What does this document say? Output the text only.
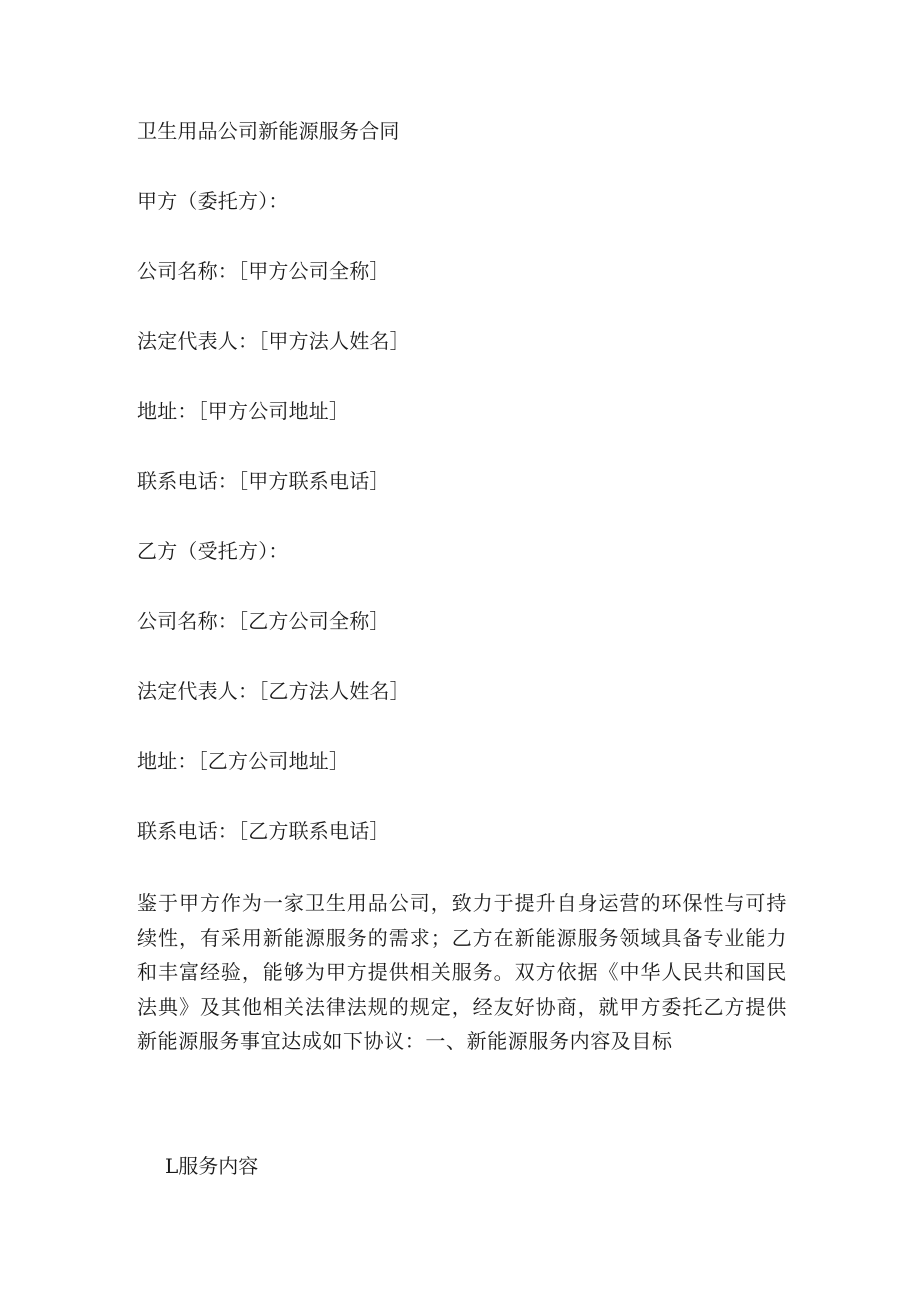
卫生用品公司新能源服务合同
甲方（委托方）：
公司名称：［甲方公司全称］
法定代表人：［甲方法人姓名］
地址：［甲方公司地址］
联系电话：［甲方联系电话］
乙方（受托方）：
公司名称：［乙方公司全称］
法定代表人：［乙方法人姓名］
地址：［乙方公司地址］
联系电话：［乙方联系电话］

鉴于甲方作为一家卫生用品公司，致力于提升自身运营的环保性与可持续性，有采用新能源服务的需求；乙方在新能源服务领域具备专业能力和丰富经验，能够为甲方提供相关服务。双方依据《中华人民共和国民法典》及其他相关法律法规的规定，经友好协商，就甲方委托乙方提供新能源服务事宜达成如下协议：一、新能源服务内容及目标

L服务内容
